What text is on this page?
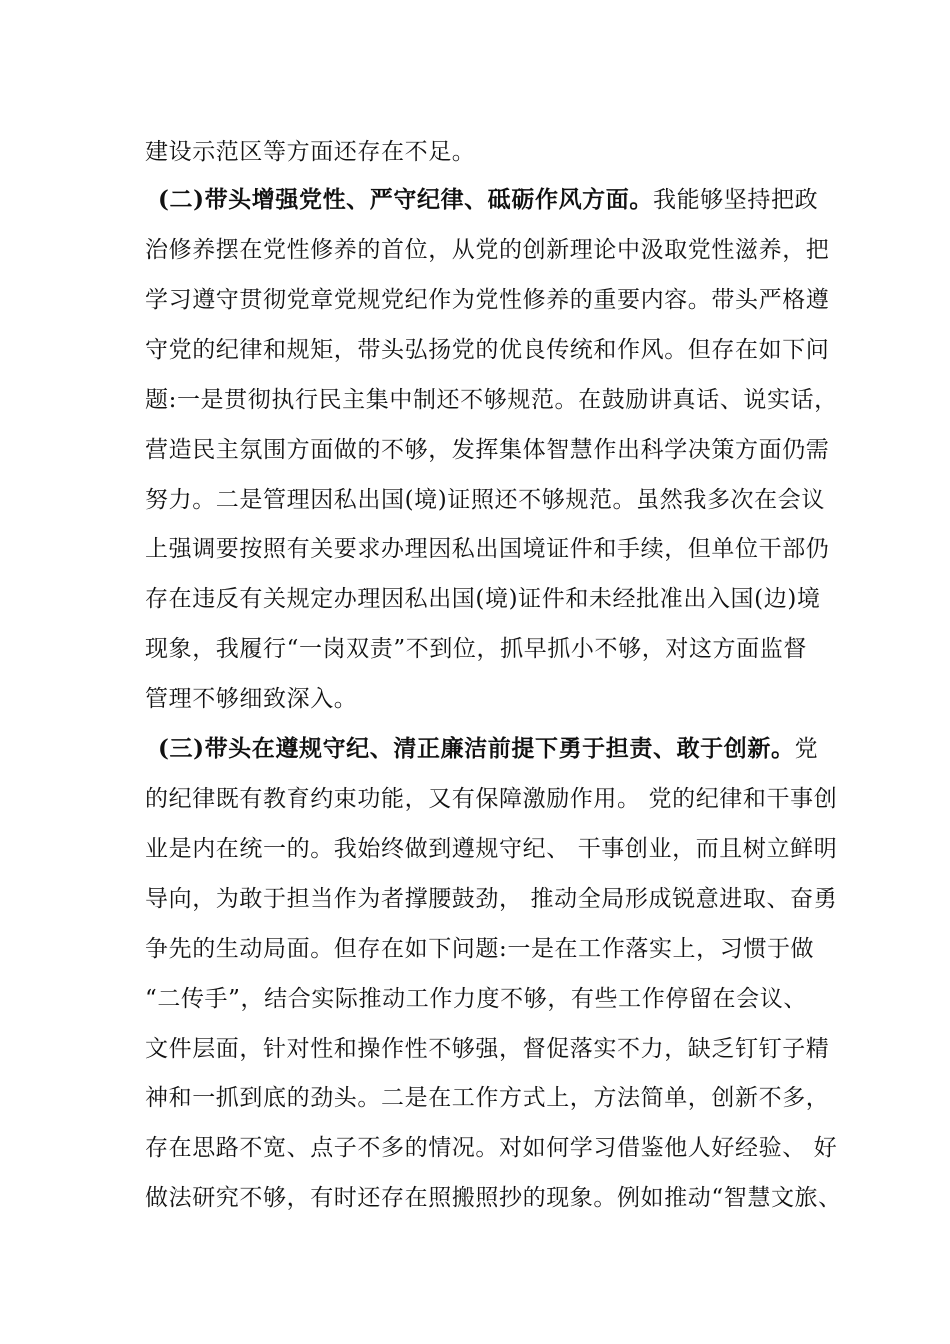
建设示范区等方面还存在不足。
(二)带头增强党性、严守纪律、砥砺作风方面。我能够坚持把政
治修养摆在党性修养的首位，从党的创新理论中汲取党性滋养，把
学习遵守贯彻党章党规党纪作为党性修养的重要内容。带头严格遵
守党的纪律和规矩，带头弘扬党的优良传统和作风。但存在如下问
题:一是贯彻执行民主集中制还不够规范。在鼓励讲真话、说实话，
营造民主氛围方面做的不够，发挥集体智慧作出科学决策方面仍需
努力。二是管理因私出国(境)证照还不够规范。虽然我多次在会议
上强调要按照有关要求办理因私出国境证件和手续，但单位干部仍
存在违反有关规定办理因私出国(境)证件和未经批准出入国(边)境
现象，我履行“一岗双责”不到位，抓早抓小不够，对这方面监督
管理不够细致深入。
(三)带头在遵规守纪、清正廉洁前提下勇于担责、敢于创新。党
的纪律既有教育约束功能，又有保障激励作用。 党的纪律和干事创
业是内在统一的。我始终做到遵规守纪、 干事创业，而且树立鲜明
导向，为敢于担当作为者撑腰鼓劲， 推动全局形成锐意进取、奋勇
争先的生动局面。但存在如下问题:一是在工作落实上，习惯于做
“二传手”，结合实际推动工作力度不够，有些工作停留在会议、
文件层面，针对性和操作性不够强，督促落实不力，缺乏钉钉子精
神和一抓到底的劲头。二是在工作方式上，方法简单，创新不多，
存在思路不宽、点子不多的情况。对如何学习借鉴他人好经验、 好
做法研究不够，有时还存在照搬照抄的现象。例如推动“智慧文旅、
